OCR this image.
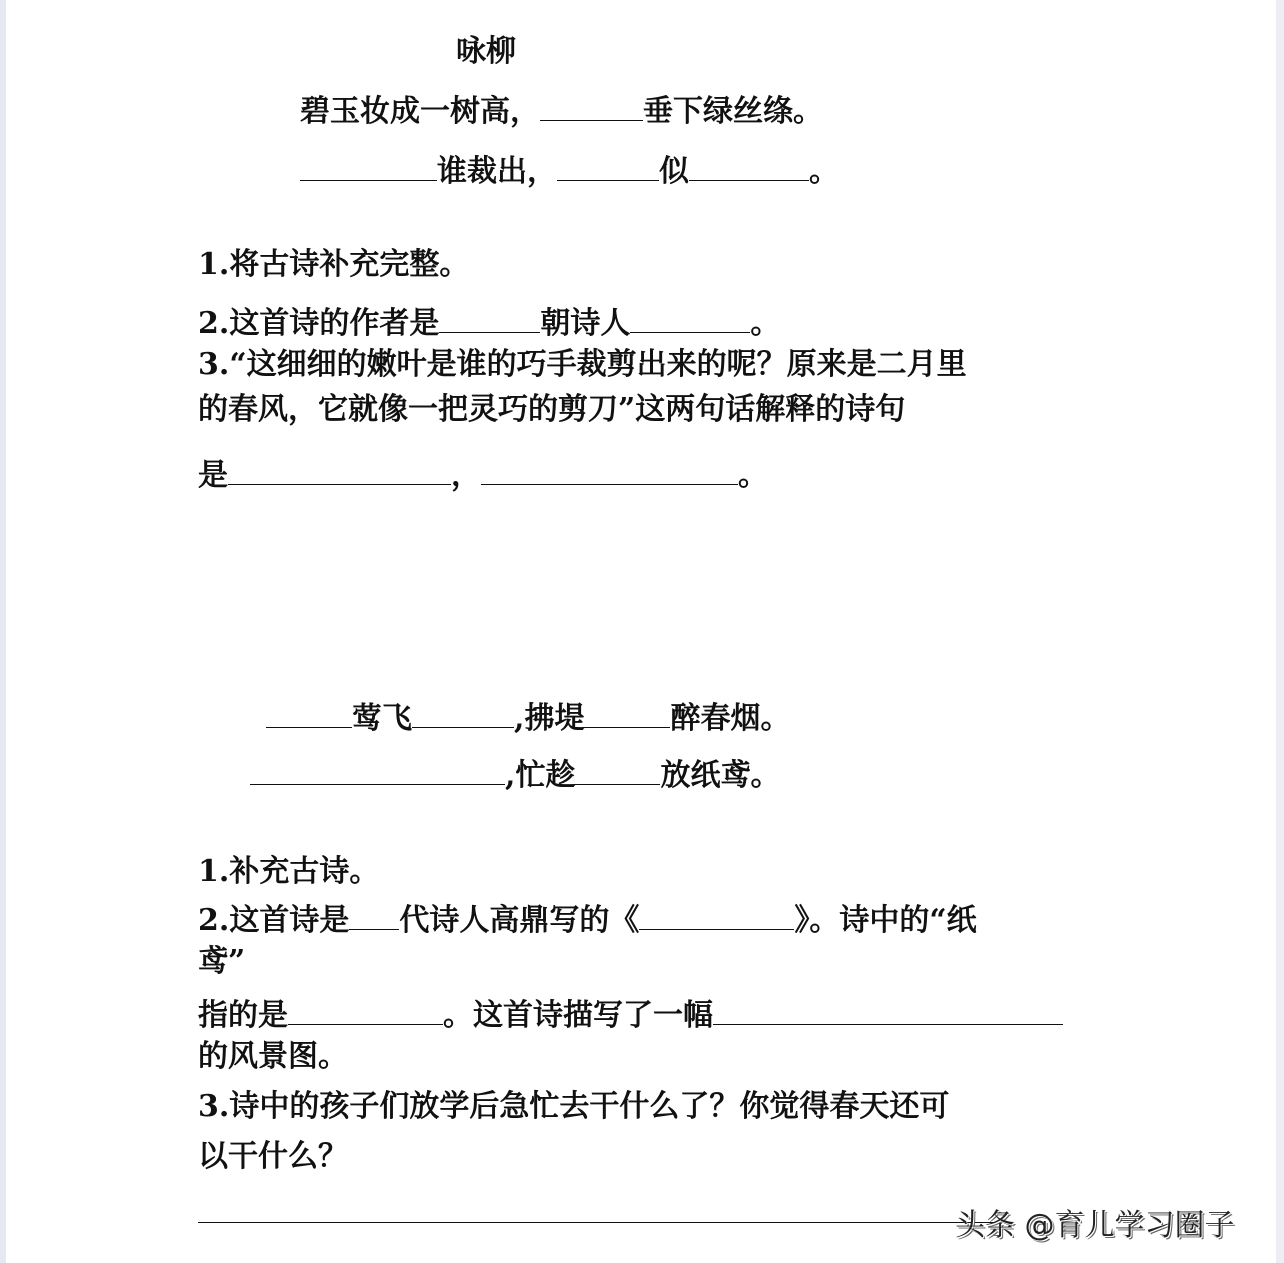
咏柳
碧玉妆成一树高，	垂下绿丝绦。
谁裁出，	似	。
1.将古诗补充完整。
2.这首诗的作者是	朝诗人	。
3.“这细细的嫩叶是谁的巧手裁剪出来的呢？原来是二月里
的春风，它就像一把灵巧的剪刀”这两句话解释的诗句
是	，	。
莺飞	,拂堤	醉春烟。
,忙趁	放纸鸢。
1.补充古诗。
2.这首诗是 代诗人高鼎写的《	》。诗中的“纸
鸢”
指的是	。这首诗描写了一幅
的风景图。
3.诗中的孩子们放学后急忙去干什么了？你觉得春天还可
以干什么？
头条 @育儿学习圈子
